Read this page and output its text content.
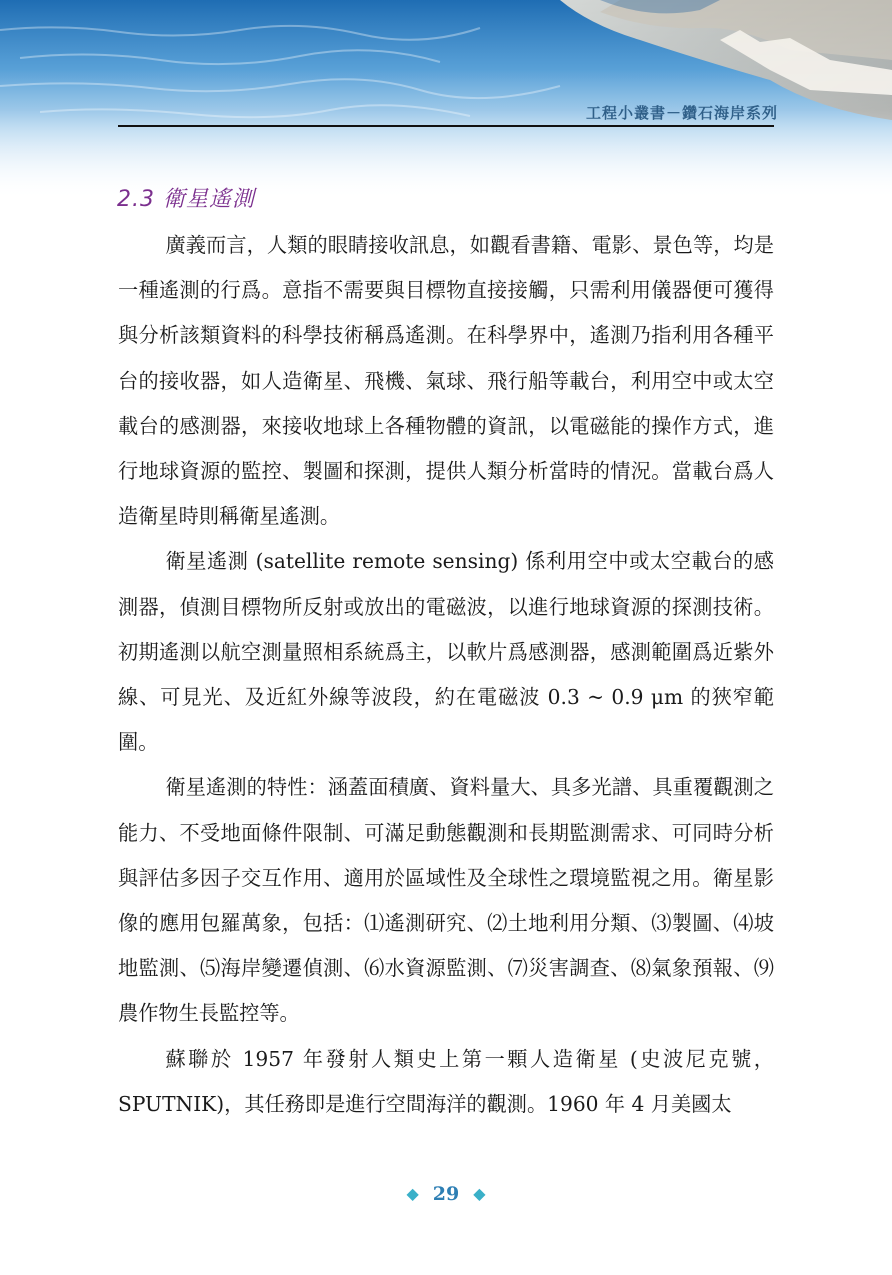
工程小叢書－鑽石海岸系列
2.3 衛星遙測

廣義而言，人類的眼睛接收訊息，如觀看書籍、電影、景色等，均是一種遙測的行爲。意指不需要與目標物直接接觸，只需利用儀器便可獲得與分析該類資料的科學技術稱爲遙測。在科學界中，遙測乃指利用各種平台的接收器，如人造衛星、飛機、氣球、飛行船等載台，利用空中或太空載台的感測器，來接收地球上各種物體的資訊，以電磁能的操作方式，進行地球資源的監控、製圖和探測，提供人類分析當時的情況。當載台爲人造衛星時則稱衛星遙測。

衛星遙測 (satellite remote sensing) 係利用空中或太空載台的感測器，偵測目標物所反射或放出的電磁波，以進行地球資源的探測技術。初期遙測以航空測量照相系統爲主，以軟片爲感測器，感測範圍爲近紫外線、可見光、及近紅外線等波段，約在電磁波 0.3 ~ 0.9 μm 的狹窄範圍。

衛星遙測的特性：涵蓋面積廣、資料量大、具多光譜、具重覆觀測之能力、不受地面條件限制、可滿足動態觀測和長期監測需求、可同時分析與評估多因子交互作用、適用於區域性及全球性之環境監視之用。衛星影像的應用包羅萬象，包括：⑴遙測研究、⑵土地利用分類、⑶製圖、⑷坡地監測、⑸海岸變遷偵測、⑹水資源監測、⑺災害調查、⑻氣象預報、⑼農作物生長監控等。

蘇聯於 1957 年發射人類史上第一顆人造衛星 (史波尼克號，SPUTNIK)，其任務即是進行空間海洋的觀測。1960 年 4 月美國太

◆ 29 ◆
